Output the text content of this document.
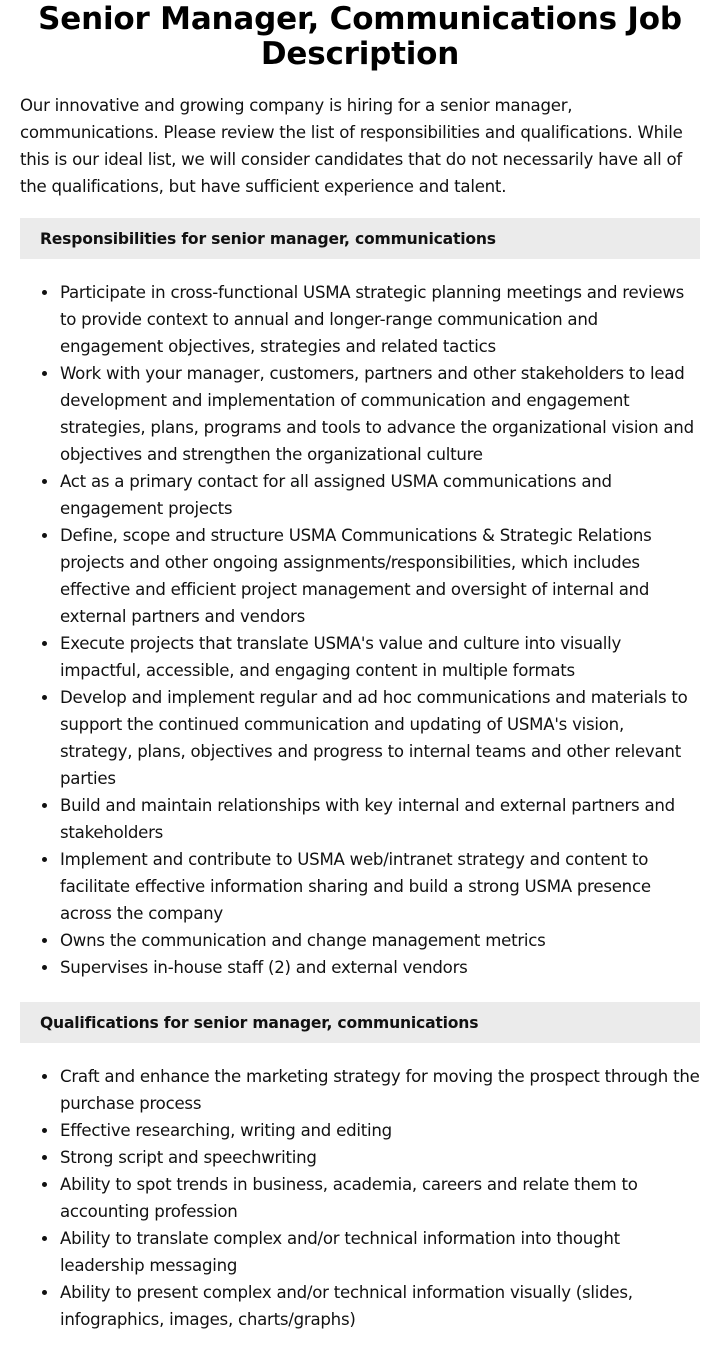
Senior Manager, Communications Job Description

Our innovative and growing company is hiring for a senior manager, communications. Please review the list of responsibilities and qualifications. While this is our ideal list, we will consider candidates that do not necessarily have all of the qualifications, but have sufficient experience and talent.

Responsibilities for senior manager, communications
Participate in cross-functional USMA strategic planning meetings and reviews to provide context to annual and longer-range communication and engagement objectives, strategies and related tactics
Work with your manager, customers, partners and other stakeholders to lead development and implementation of communication and engagement strategies, plans, programs and tools to advance the organizational vision and objectives and strengthen the organizational culture
Act as a primary contact for all assigned USMA communications and engagement projects
Define, scope and structure USMA Communications & Strategic Relations projects and other ongoing assignments/responsibilities, which includes effective and efficient project management and oversight of internal and external partners and vendors
Execute projects that translate USMA's value and culture into visually impactful, accessible, and engaging content in multiple formats
Develop and implement regular and ad hoc communications and materials to support the continued communication and updating of USMA's vision, strategy, plans, objectives and progress to internal teams and other relevant parties
Build and maintain relationships with key internal and external partners and stakeholders
Implement and contribute to USMA web/intranet strategy and content to facilitate effective information sharing and build a strong USMA presence across the company
Owns the communication and change management metrics
Supervises in-house staff (2) and external vendors
Qualifications for senior manager, communications
Craft and enhance the marketing strategy for moving the prospect through the purchase process
Effective researching, writing and editing
Strong script and speechwriting
Ability to spot trends in business, academia, careers and relate them to accounting profession
Ability to translate complex and/or technical information into thought leadership messaging
Ability to present complex and/or technical information visually (slides, infographics, images, charts/graphs)
